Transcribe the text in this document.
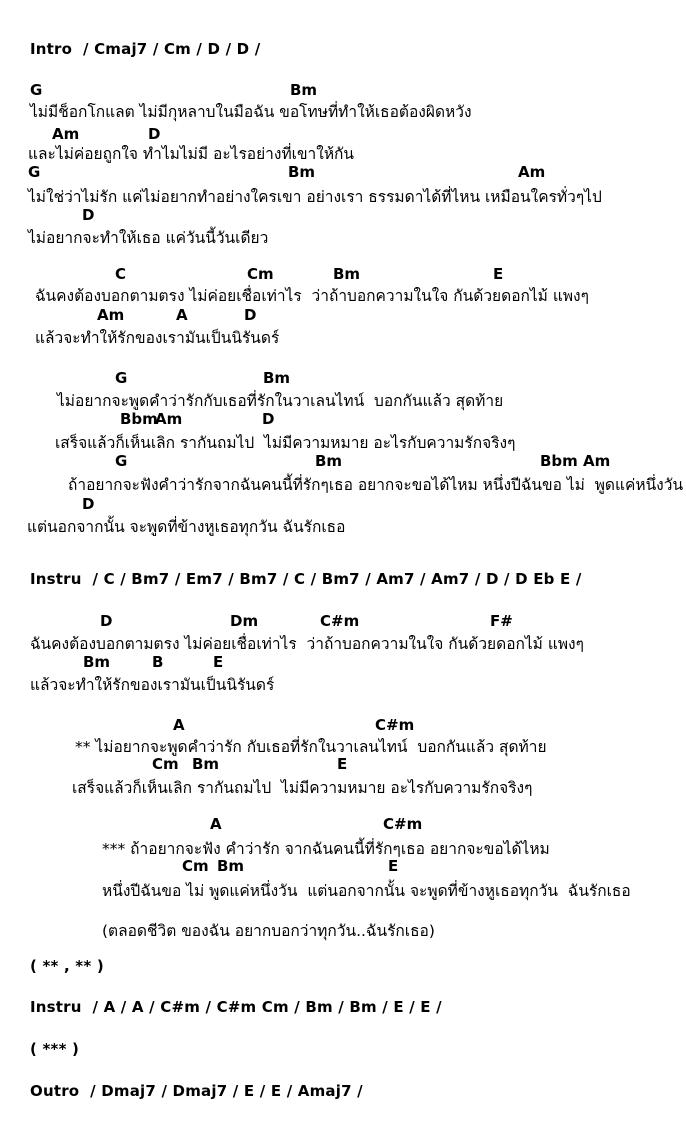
Intro  / Cmaj7 / Cm / D / D /
G	Bm
ไม่มีช็อกโกแลต ไม่มีกุหลาบในมือฉัน ขอโทษที่ทำให้เธอต้องผิดหวัง
Am	D
และไม่ค่อยถูกใจ ทำไมไม่มี อะไรอย่างที่เขาให้กัน
G	Bm	Am
ไม่ใช่ว่าไม่รัก แค่ไม่อยากทำอย่างใครเขา อย่างเรา ธรรมดาได้ที่ไหน เหมือนใครทั่วๆไป
D
ไม่อยากจะทำให้เธอ แค่วันนี้วันเดียว
C	Cm	Bm	E
ฉันคงต้องบอกตามตรง ไม่ค่อยเชื่อเท่าไร  ว่าถ้าบอกความในใจ กันด้วยดอกไม้ แพงๆ
Am	A	D
แล้วจะทำให้รักของเรามันเป็นนิรันดร์
G	Bm
ไม่อยากจะพูดคำว่ารักกับเธอที่รักในวาเลนไทน์  บอกกันแล้ว สุดท้าย
Bbm
Am	D
เสร็จแล้วก็เห็นเลิก รากันถมไป  ไม่มีความหมาย อะไรกับความรักจริงๆ
G	Bm	Bbm Am
ถ้าอยากจะฟังคำว่ารักจากฉันคนนี้ที่รักๆเธอ อยากจะขอได้ไหม หนึ่งปีฉันขอ ไม่  พูดแค่หนึ่งวัน
D
แต่นอกจากนั้น จะพูดที่ข้างหูเธอทุกวัน ฉันรักเธอ
Instru  / C / Bm7 / Em7 / Bm7 / C / Bm7 / Am7 / Am7 / D / D Eb E /
D	Dm	C#m	F#
ฉันคงต้องบอกตามตรง ไม่ค่อยเชื่อเท่าไร  ว่าถ้าบอกความในใจ กันด้วยดอกไม้ แพงๆ
Bm	B	E
แล้วจะทำให้รักของเรามันเป็นนิรันดร์
A	C#m
** ไม่อยากจะพูดคำว่ารัก กับเธอที่รักในวาเลนไทน์  บอกกันแล้ว สุดท้าย
Cm Bm	E
เสร็จแล้วก็เห็นเลิก รากันถมไป  ไม่มีความหมาย อะไรกับความรักจริงๆ
A	C#m
*** ถ้าอยากจะฟัง คำว่ารัก จากฉันคนนี้ที่รักๆเธอ อยากจะขอได้ไหม
Cm Bm	E
หนึ่งปีฉันขอ ไม่ พูดแค่หนึ่งวัน  แต่นอกจากนั้น จะพูดที่ข้างหูเธอทุกวัน  ฉันรักเธอ
(ตลอดชีวิต ของฉัน อยากบอกว่าทุกวัน..ฉันรักเธอ)
( ** , ** )
Instru  / A / A / C#m / C#m Cm / Bm / Bm / E / E /
( *** )
Outro  / Dmaj7 / Dmaj7 / E / E / Amaj7 /
